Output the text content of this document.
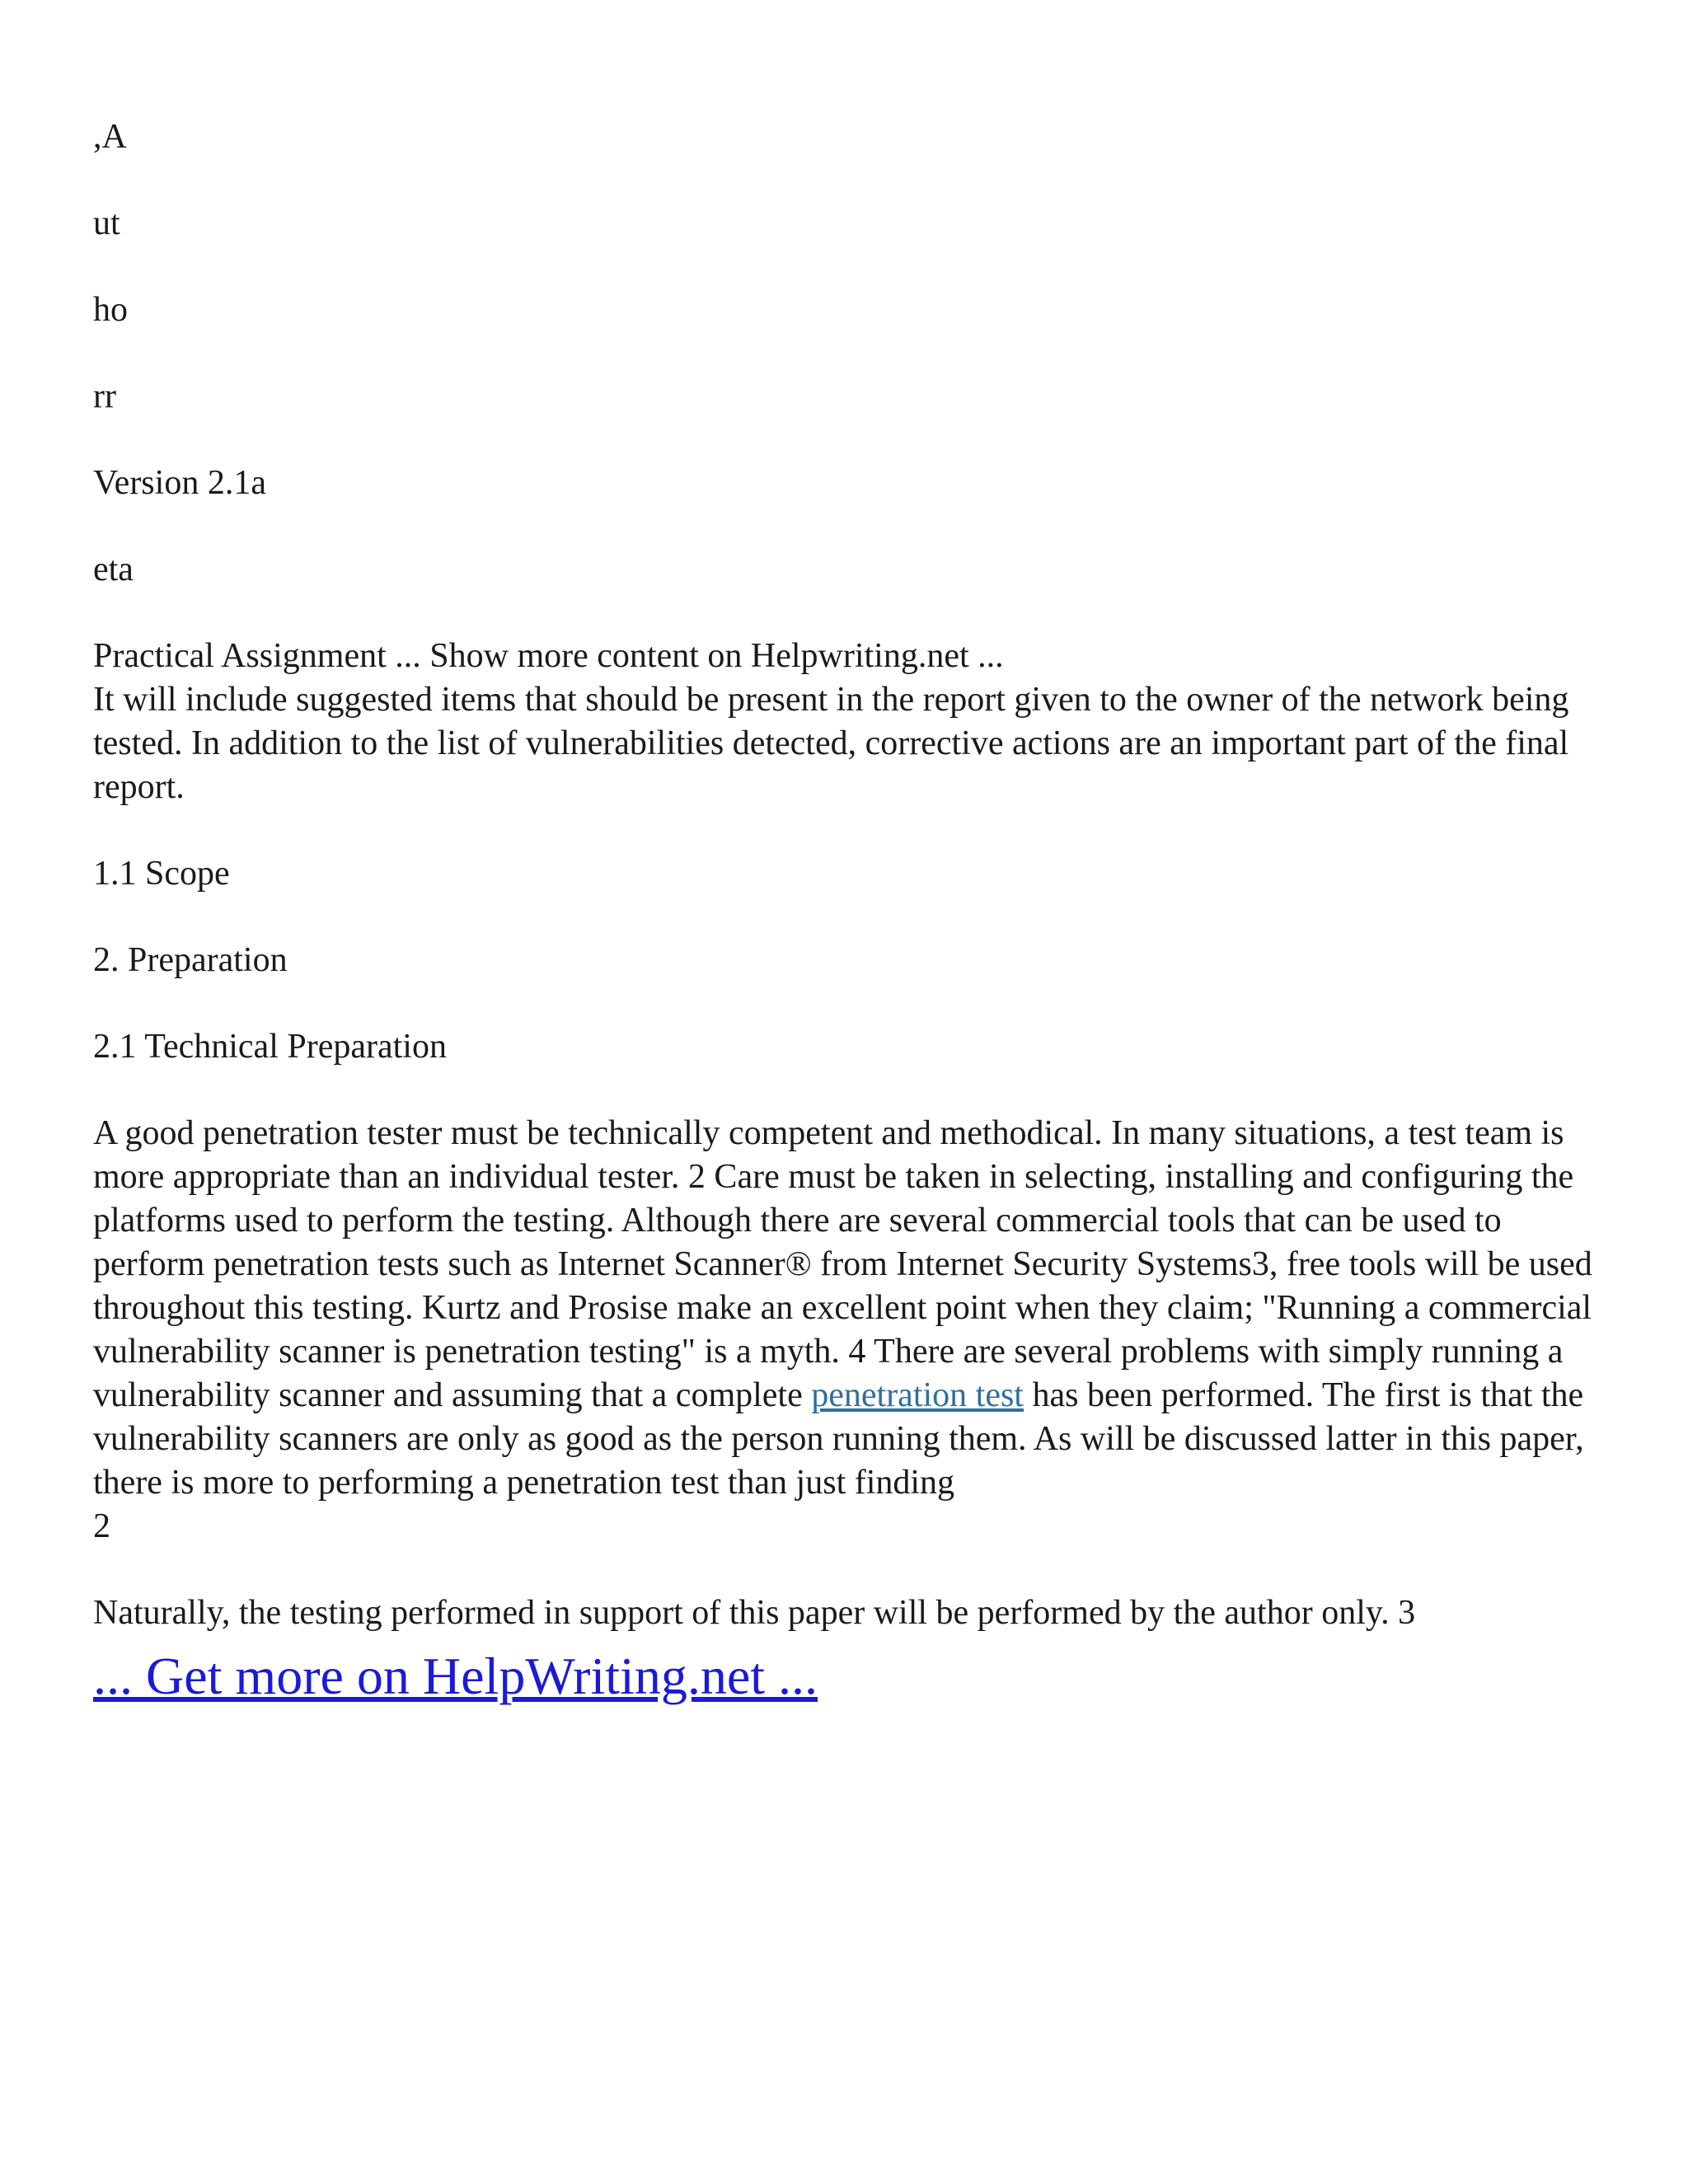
,A

ut

ho

rr

Version 2.1a

eta

Practical Assignment ... Show more content on Helpwriting.net ...

It will include suggested items that should be present in the report given to the owner of the network being tested. In addition to the list of vulnerabilities detected, corrective actions are an important part of the final report.

1.1 Scope

2. Preparation

2.1 Technical Preparation

A good penetration tester must be technically competent and methodical. In many situations, a test team is more appropriate than an individual tester. 2 Care must be taken in selecting, installing and configuring the platforms used to perform the testing. Although there are several commercial tools that can be used to perform penetration tests such as Internet Scanner® from Internet Security Systems3, free tools will be used throughout this testing. Kurtz and Prosise make an excellent point when they claim; "Running a commercial vulnerability scanner is penetration testing" is a myth. 4 There are several problems with simply running a vulnerability scanner and assuming that a complete penetration test has been performed. The first is that the vulnerability scanners are only as good as the person running them. As will be discussed latter in this paper, there is more to performing a penetration test than just finding

2

Naturally, the testing performed in support of this paper will be performed by the author only. 3

... Get more on HelpWriting.net ...
